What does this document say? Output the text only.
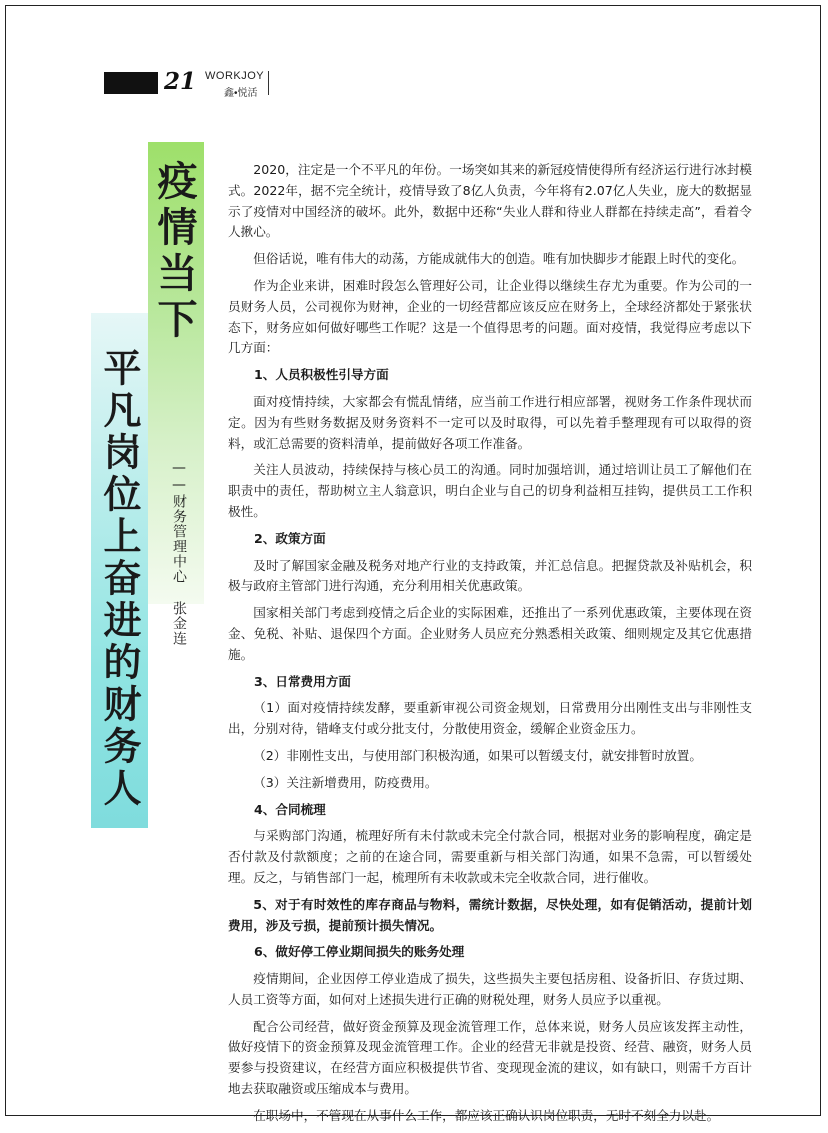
21 WORKJOY
鑫•悦活
疫情当下
平凡岗位上奋进的财务人	——财务管理中心 张金连

2020，注定是一个不平凡的年份。一场突如其来的新冠疫情使得所有经济运行进行冰封模式。2022年，据不完全统计，疫情导致了8亿人负责，今年将有2.07亿人失业，庞大的数据显示了疫情对中国经济的破坏。此外，数据中还称“失业人群和待业人群都在持续走高”，看着令人揪心。

但俗话说，唯有伟大的动荡，方能成就伟大的创造。唯有加快脚步才能跟上时代的变化。

作为企业来讲，困难时段怎么管理好公司，让企业得以继续生存尤为重要。作为公司的一员财务人员，公司视你为财神，企业的一切经营都应该反应在财务上，全球经济都处于紧张状态下，财务应如何做好哪些工作呢？这是一个值得思考的问题。面对疫情，我觉得应考虑以下几方面：

1、人员积极性引导方面

面对疫情持续，大家都会有慌乱情绪，应当前工作进行相应部署，视财务工作条件现状而定。因为有些财务数据及财务资料不一定可以及时取得，可以先着手整理现有可以取得的资料，或汇总需要的资料清单，提前做好各项工作准备。

关注人员波动，持续保持与核心员工的沟通。同时加强培训，通过培训让员工了解他们在职责中的责任，帮助树立主人翁意识，明白企业与自己的切身利益相互挂钩，提供员工工作积极性。

2、政策方面

及时了解国家金融及税务对地产行业的支持政策，并汇总信息。把握贷款及补贴机会，积极与政府主管部门进行沟通，充分利用相关优惠政策。

国家相关部门考虑到疫情之后企业的实际困难，还推出了一系列优惠政策，主要体现在资金、免税、补贴、退保四个方面。企业财务人员应充分熟悉相关政策、细则规定及其它优惠措施。

3、日常费用方面

（1）面对疫情持续发酵，要重新审视公司资金规划，日常费用分出刚性支出与非刚性支出，分别对待，错峰支付或分批支付，分散使用资金，缓解企业资金压力。

（2）非刚性支出，与使用部门积极沟通，如果可以暂缓支付，就安排暂时放置。

（3）关注新增费用，防疫费用。

4、合同梳理

与采购部门沟通，梳理好所有未付款或未完全付款合同，根据对业务的影响程度，确定是否付款及付款额度；之前的在途合同，需要重新与相关部门沟通，如果不急需，可以暂缓处理。反之，与销售部门一起，梳理所有未收款或未完全收款合同，进行催收。

5、对于有时效性的库存商品与物料，需统计数据，尽快处理，如有促销活动，提前计划费用，涉及亏损，提前预计损失情况。

6、做好停工停业期间损失的账务处理

疫情期间，企业因停工停业造成了损失，这些损失主要包括房租、设备折旧、存货过期、人员工资等方面，如何对上述损失进行正确的财税处理，财务人员应予以重视。

配合公司经营，做好资金预算及现金流管理工作，总体来说，财务人员应该发挥主动性，做好疫情下的资金预算及现金流管理工作。企业的经营无非就是投资、经营、融资，财务人员要参与投资建议，在经营方面应积极提供节省、变现现金流的建议，如有缺口，则需千方百计地去获取融资或压缩成本与费用。

在职场中，不管现在从事什么工作，都应该正确认识岗位职责，无时不刻全力以赴。
